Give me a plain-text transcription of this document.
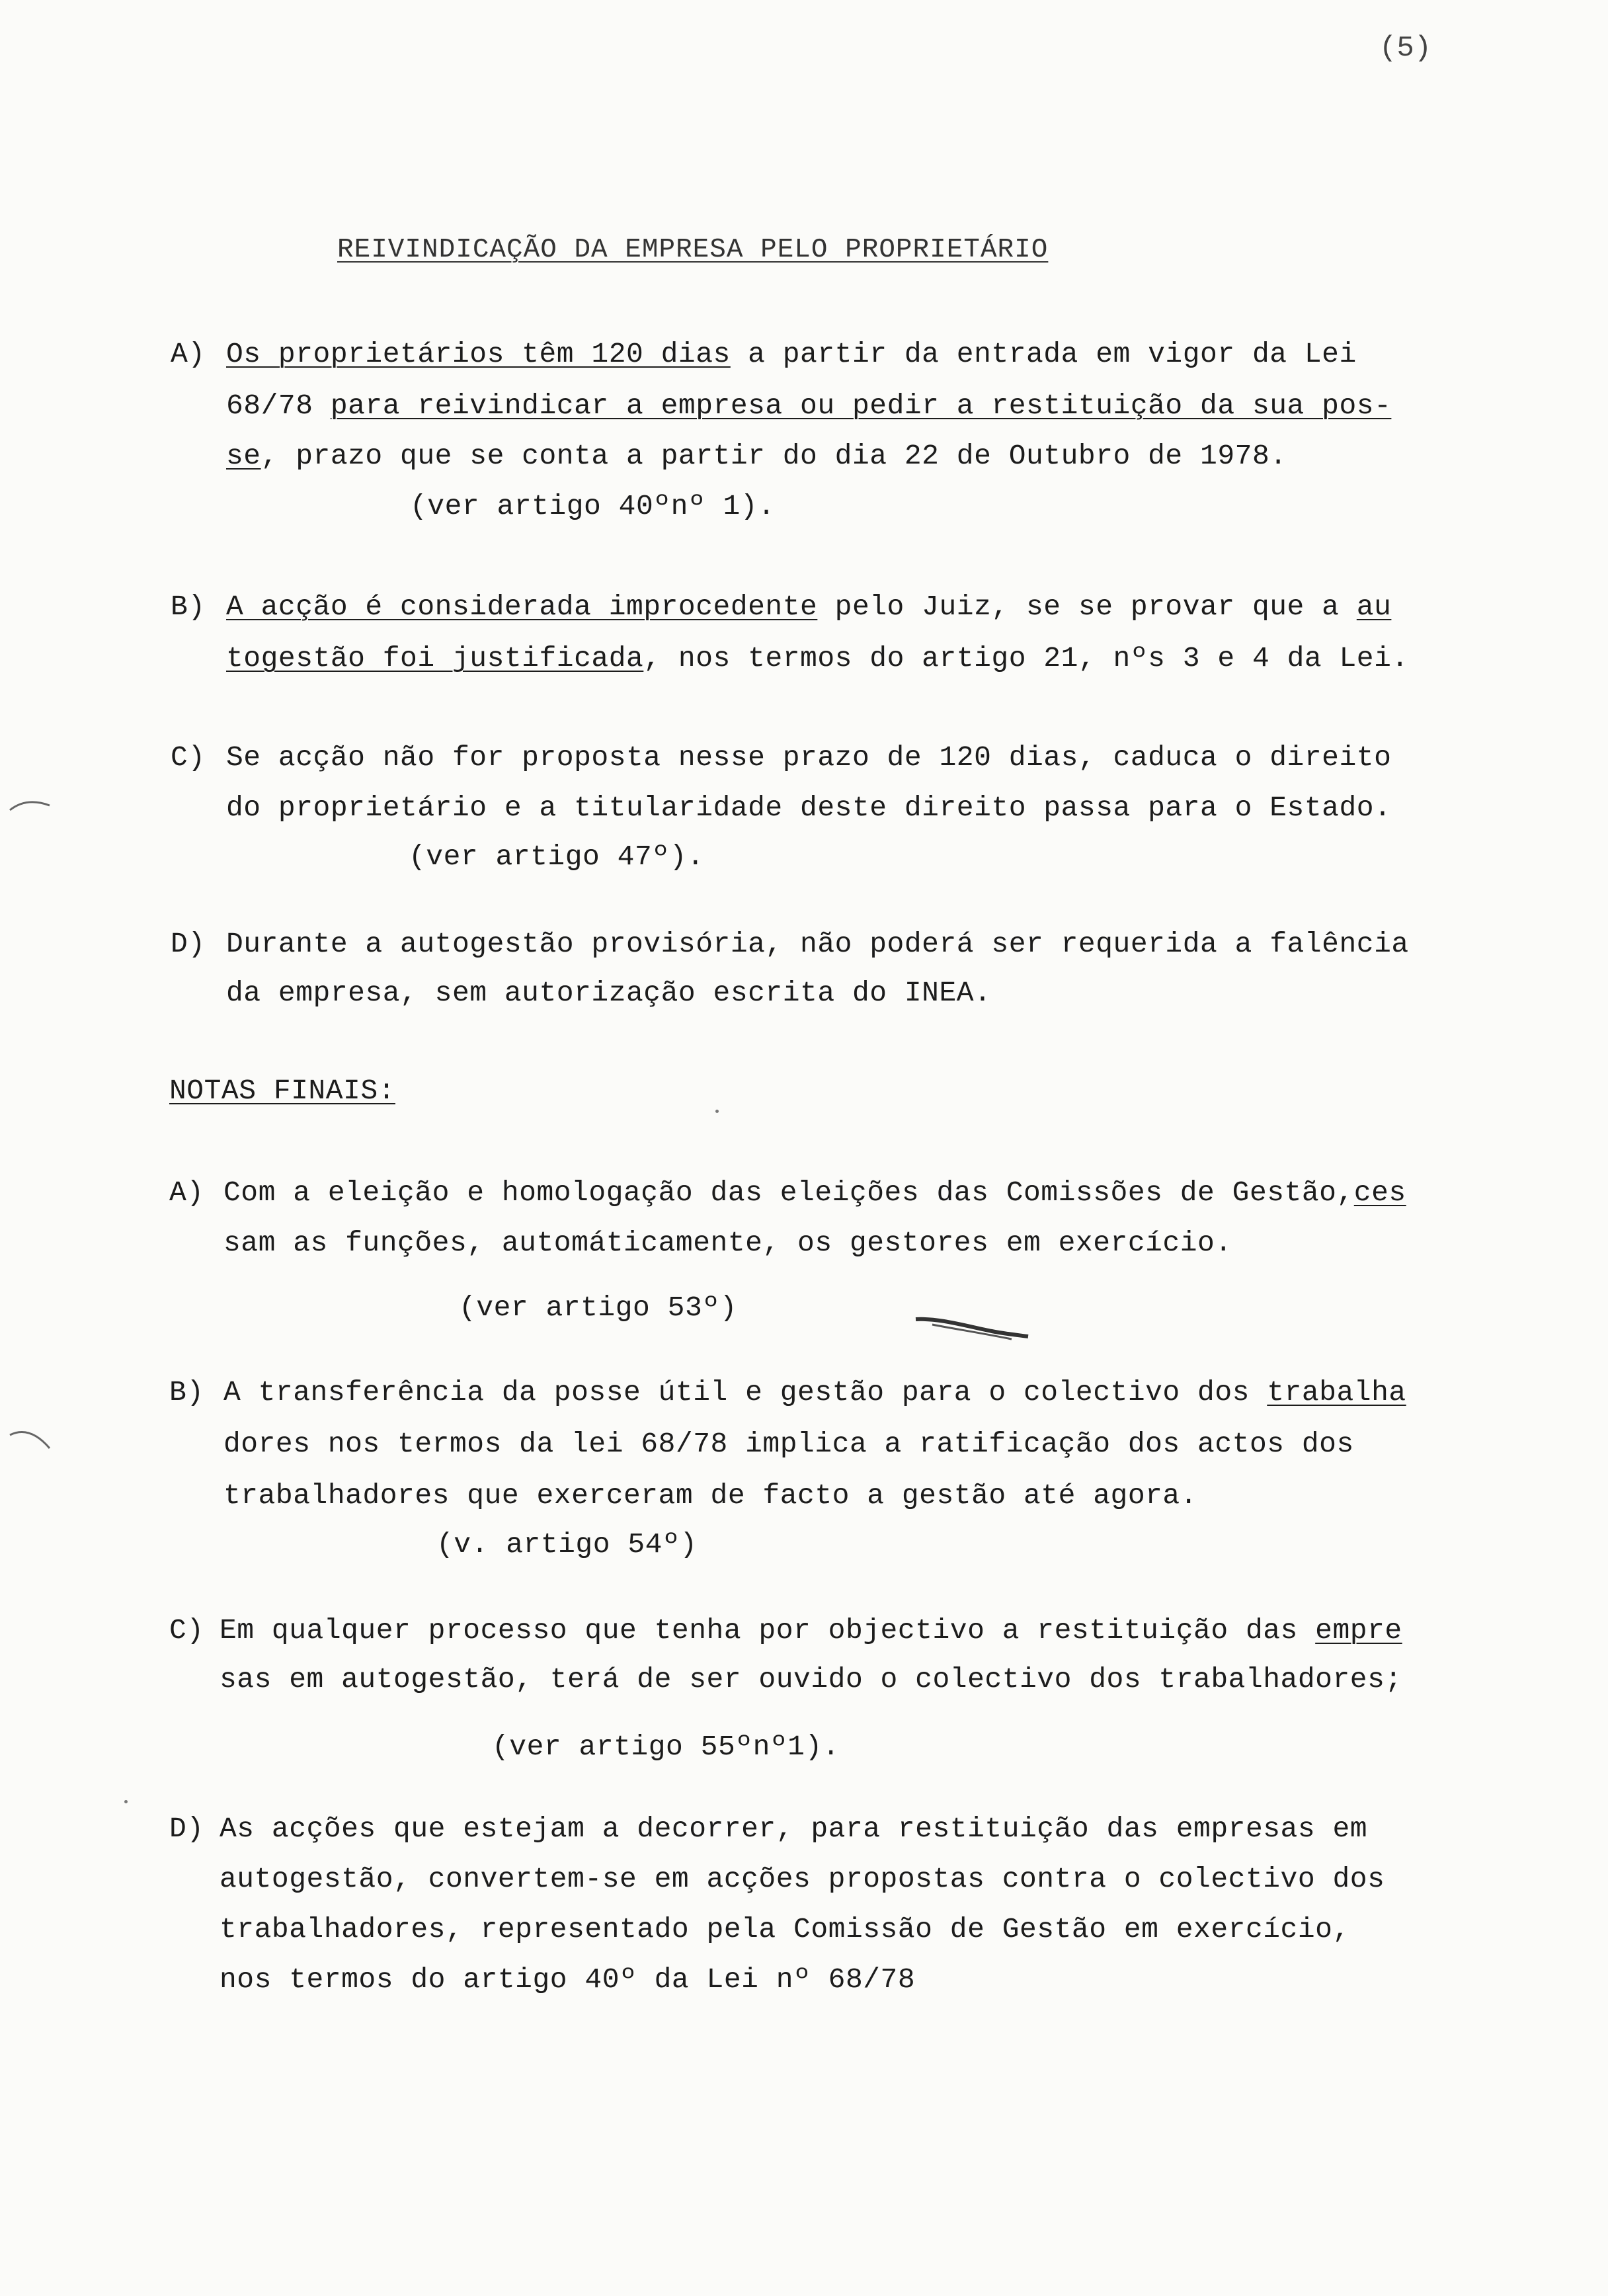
(5)
REIVINDICAÇÃO DA EMPRESA PELO PROPRIETÁRIO
A) Os proprietários têm 120 dias a partir da entrada em vigor da Lei
68/78 para reivindicar a empresa ou pedir a restituição da sua pos-
se, prazo que se conta a partir do dia 22 de Outubro de 1978.
(ver artigo 40ºnº 1).
B) A acção é considerada improcedente pelo Juiz, se se provar que a au
togestão foi justificada, nos termos do artigo 21, nºs 3 e 4 da Lei.
C) Se acção não for proposta nesse prazo de 120 dias, caduca o direito
do proprietário e a titularidade deste direito passa para o Estado.
(ver artigo 47º).
D) Durante a autogestão provisória, não poderá ser requerida a falência
da empresa, sem autorização escrita do INEA.
NOTAS FINAIS:
A) Com a eleição e homologação das eleições das Comissões de Gestão,ces
sam as funções, automáticamente, os gestores em exercício.
(ver artigo 53º)
B) A transferência da posse útil e gestão para o colectivo dos trabalha
dores nos termos da lei 68/78 implica a ratificação dos actos dos
trabalhadores que exerceram de facto a gestão até agora.
(v. artigo 54º)
C) Em qualquer processo que tenha por objectivo a restituição das empre
sas em autogestão, terá de ser ouvido o colectivo dos trabalhadores;
(ver artigo 55ºnº1).
D) As acções que estejam a decorrer, para restituição das empresas em
autogestão, convertem-se em acções propostas contra o colectivo dos
trabalhadores, representado pela Comissão de Gestão em exercício,
nos termos do artigo 40º da Lei nº 68/78
